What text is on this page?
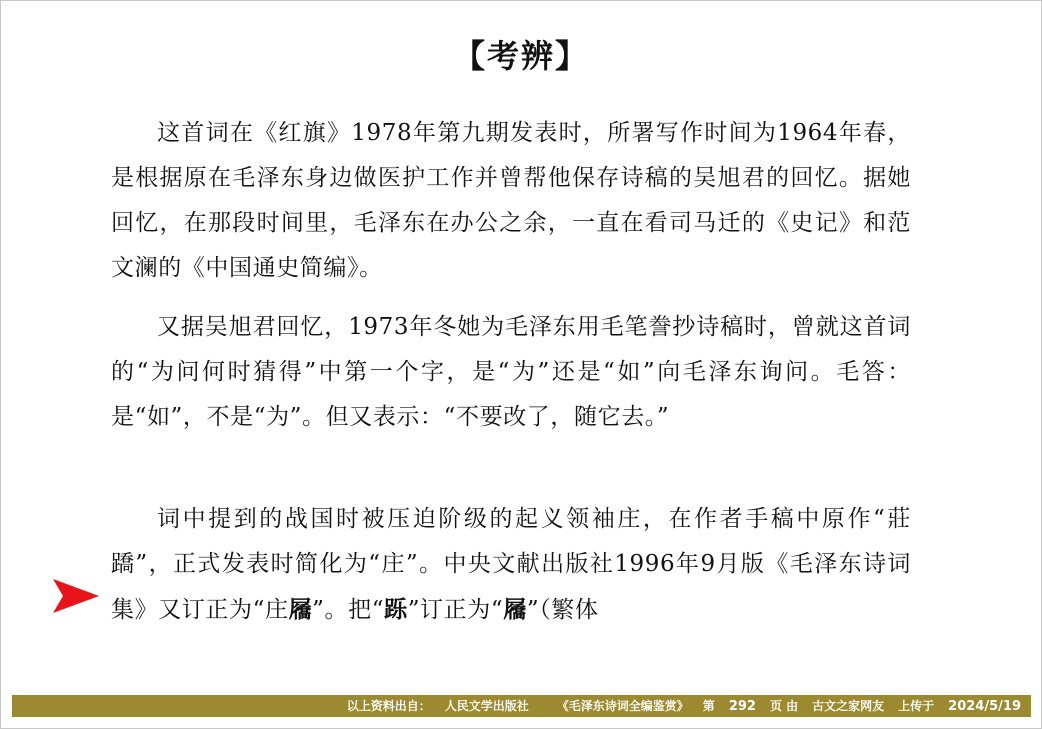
【考辨】

这首词在《红旗》1978年第九期发表时，所署写作时间为1964年春，是根据原在毛泽东身边做医护工作并曾帮他保存诗稿的吴旭君的回忆。据她回忆，在那段时间里，毛泽东在办公之余，一直在看司马迁的《史记》和范文澜的《中国通史简编》。

又据吴旭君回忆，1973年冬她为毛泽东用毛笔誊抄诗稿时，曾就这首词的“为问何时猜得”中第一个字，是“为”还是“如”向毛泽东询问。毛答：是“如”，不是“为”。但又表示：“不要改了，随它去。”

词中提到的战国时被压迫阶级的起义领袖庄，在作者手稿中原作“莊蹻”，正式发表时简化为“庄”。中央文献出版社1996年9月版《毛泽东诗词集》又订正为“庄屩”。把“跞”订正为“屩”（繁体

以上资料出自： 人民文学出版社 《毛泽东诗词全编鉴赏》 第 292 页 由 古文之家网友 上传于 2024/5/19
